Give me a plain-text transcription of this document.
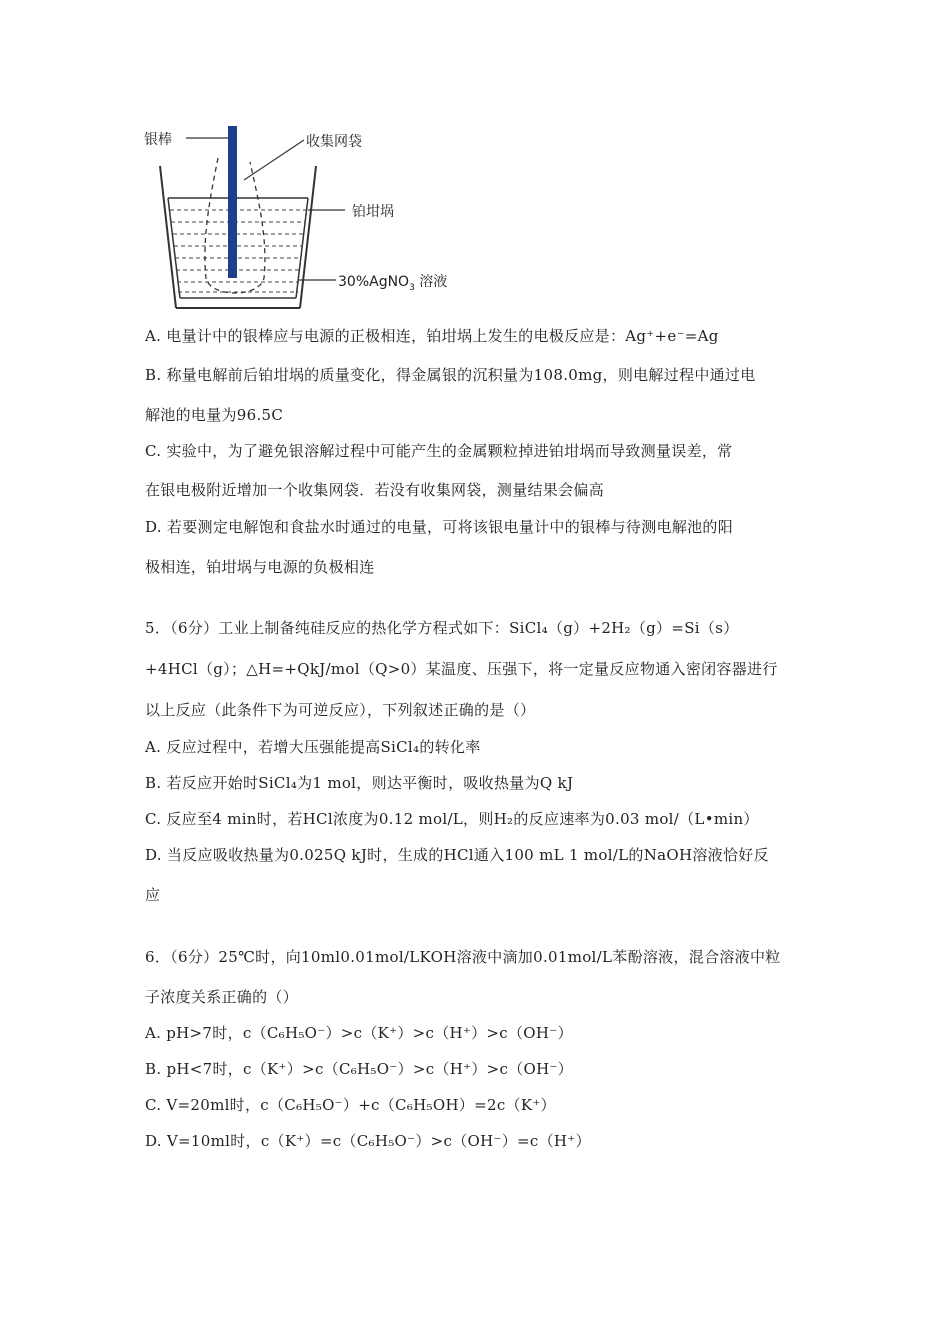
银棒	收集网袋
铂坩埚
30%AgNO$_3$ 溶液
A. 电量计中的银棒应与电源的正极相连，铂坩埚上发生的电极反应是：Ag⁺+e⁻=Ag
B. 称量电解前后铂坩埚的质量变化，得金属银的沉积量为108.0mg，则电解过程中通过电
解池的电量为96.5C
C. 实验中，为了避免银溶解过程中可能产生的金属颗粒掉进铂坩埚而导致测量误差，常
在银电极附近增加一个收集网袋．若没有收集网袋，测量结果会偏高
D. 若要测定电解饱和食盐水时通过的电量，可将该银电量计中的银棒与待测电解池的阳
极相连，铂坩埚与电源的负极相连
5．（6分）工业上制备纯硅反应的热化学方程式如下：SiCl₄（g）+2H₂（g）=Si（s）
+4HCl（g）；△H=+QkJ/mol（Q>0）某温度、压强下，将一定量反应物通入密闭容器进行
以上反应（此条件下为可逆反应），下列叙述正确的是（）
A. 反应过程中，若增大压强能提高SiCl₄的转化率
B. 若反应开始时SiCl₄为1 mol，则达平衡时，吸收热量为Q kJ
C. 反应至4 min时，若HCl浓度为0.12 mol/L，则H₂的反应速率为0.03 mol/（L•min）
D. 当反应吸收热量为0.025Q kJ时，生成的HCl通入100 mL 1 mol/L的NaOH溶液恰好反
应
6．（6分）25℃时，向10ml0.01mol/LKOH溶液中滴加0.01mol/L苯酚溶液，混合溶液中粒
子浓度关系正确的（）
A. pH>7时，c（C₆H₅O⁻）>c（K⁺）>c（H⁺）>c（OH⁻）
B. pH<7时，c（K⁺）>c（C₆H₅O⁻）>c（H⁺）>c（OH⁻）
C. V=20ml时，c（C₆H₅O⁻）+c（C₆H₅OH）=2c（K⁺）
D. V=10ml时，c（K⁺）=c（C₆H₅O⁻）>c（OH⁻）=c（H⁺）
